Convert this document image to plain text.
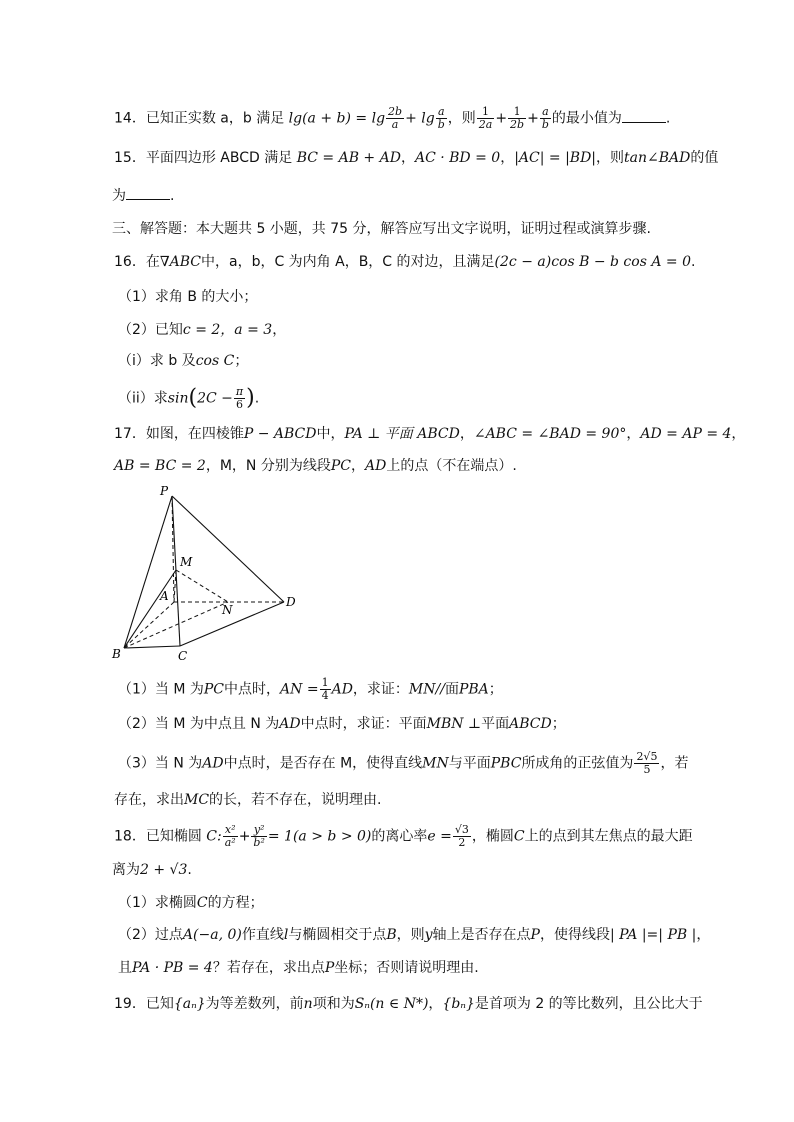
14．已知正实数 a，b 满足 $\lg(a + b) = \lg \frac{2b}{a} + \lg \frac{a}{b}$ ，则 $\frac{1}{2a} + \frac{1}{2b} + \frac{a}{b}$ 的最小值为	.
15．平面四边形 ABCD 满足 BC = AB + AD，AC · BD = 0，|AC| = |BD|，则tan∠BAD的值
为	.
三、解答题：本大题共 5 小题，共 75 分，解答应写出文字说明，证明过程或演算步骤.
16．在∇ABC中，a，b，C 为内角 A，B，C 的对边，且满足(2c − a)cos B − b cos A = 0.
（1）求角 B 的大小；
（2）已知c = 2，a = 3，
（i）求 b 及cos C；
（ii）求$\sin(2C - \frac{\pi}{6}$ ).
17．如图，在四棱锥P − ABCD中，PA ⊥ 平面 ABCD，∠ABC = ∠BAD = 90°，AD = AP = 4，
AB = BC = 2，M，N 分别为线段PC，AD上的点（不在端点）.
P
M
A
N
D
B	C
（1）当 M 为PC中点时，AN = $\frac{1}{4}$ AD，求证：MN//面PBA；
（2）当 M 为中点且 N 为AD中点时，求证：平面MBN ⊥平面ABCD；
（3）当 N 为AD中点时，是否存在 M，使得直线MN与平面PBC所成角的正弦值为 $\frac{2√5}{5}$ ，若
存在，求出MC的长，若不存在，说明理由.
18．已知椭圆 C: $\frac{\text{x²}}{\text{a²}} + \frac{\text{y²}}{\text{b²}} = 1(a > b > 0)$的离心率$e = \frac{√3}{2}$ ，椭圆C上的点到其左焦点的最大距
离为2 + √3.
（1）求椭圆C的方程；
（2）过点A(−a, 0)作直线l与椭圆相交于点B，则y轴上是否存在点P，使得线段| PA |=| PB |，
且PA · PB = 4？若存在，求出点P坐标；否则请说明理由.
19．已知{aₙ}为等差数列，前n项和为Sₙ(n ∈ N*)，{bₙ}是首项为 2 的等比数列，且公比大于
